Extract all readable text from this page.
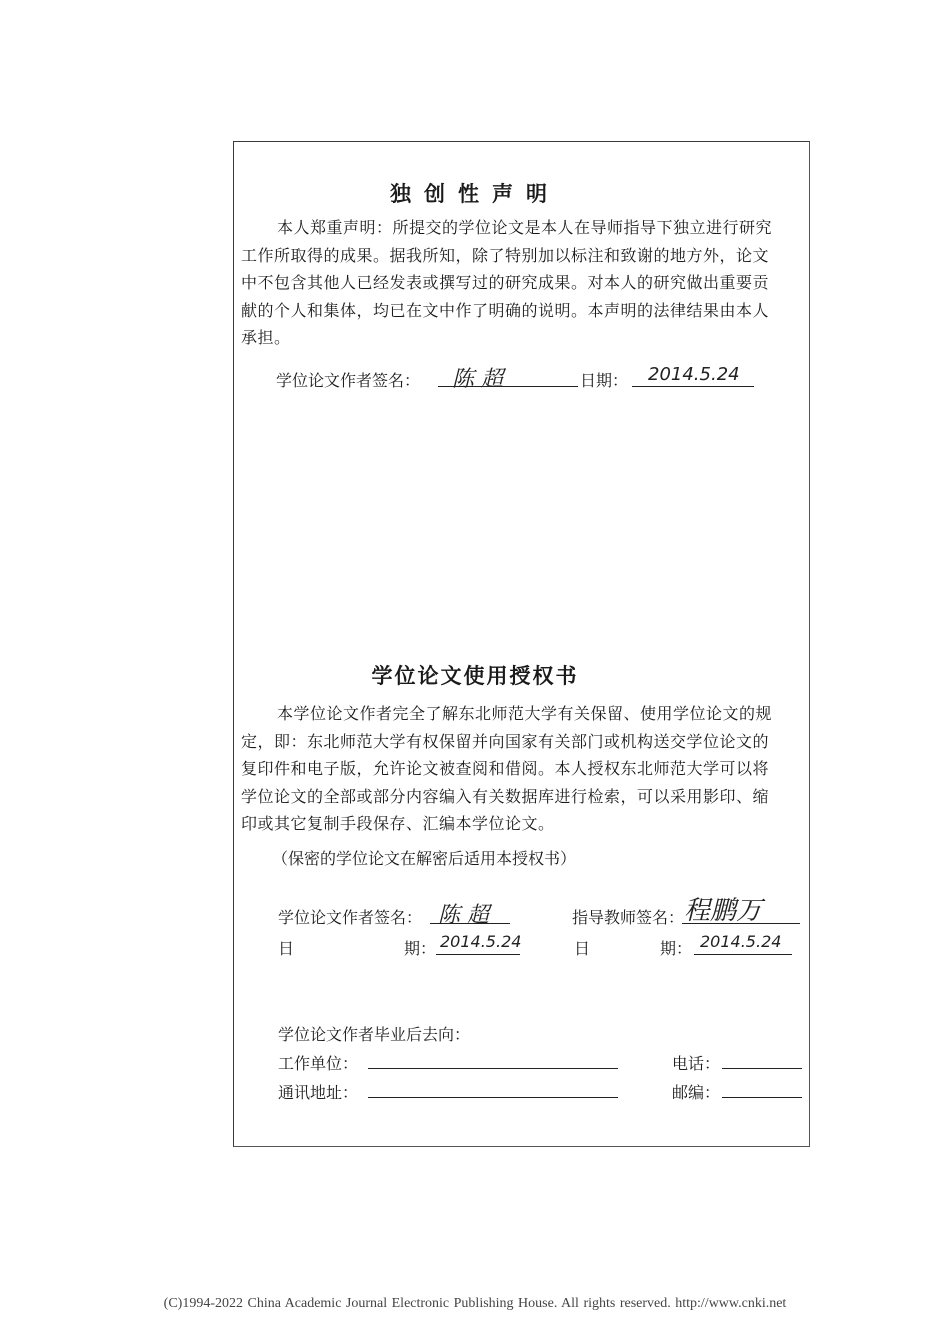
独创性声明
本人郑重声明：所提交的学位论文是本人在导师指导下独立进行研究
工作所取得的成果。据我所知，除了特别加以标注和致谢的地方外，论文
中不包含其他人已经发表或撰写过的研究成果。对本人的研究做出重要贡
献的个人和集体，均已在文中作了明确的说明。本声明的法律结果由本人
承担。
学位论文作者签名： 陈 超	日期： 2014.5.24
学位论文使用授权书
本学位论文作者完全了解东北师范大学有关保留、使用学位论文的规
定，即：东北师范大学有权保留并向国家有关部门或机构送交学位论文的
复印件和电子版，允许论文被查阅和借阅。本人授权东北师范大学可以将
学位论文的全部或部分内容编入有关数据库进行检索，可以采用影印、缩
印或其它复制手段保存、汇编本学位论文。
（保密的学位论文在解密后适用本授权书）
学位论文作者签名： 陈 超	指导教师签名： 程鹏万
日	期： 2014.5.24	日	期： 2014.5.24
学位论文作者毕业后去向：
工作单位：	电话：
通讯地址：	邮编：
(C)1994-2022 China Academic Journal Electronic Publishing House. All rights reserved. http://www.cnki.net
